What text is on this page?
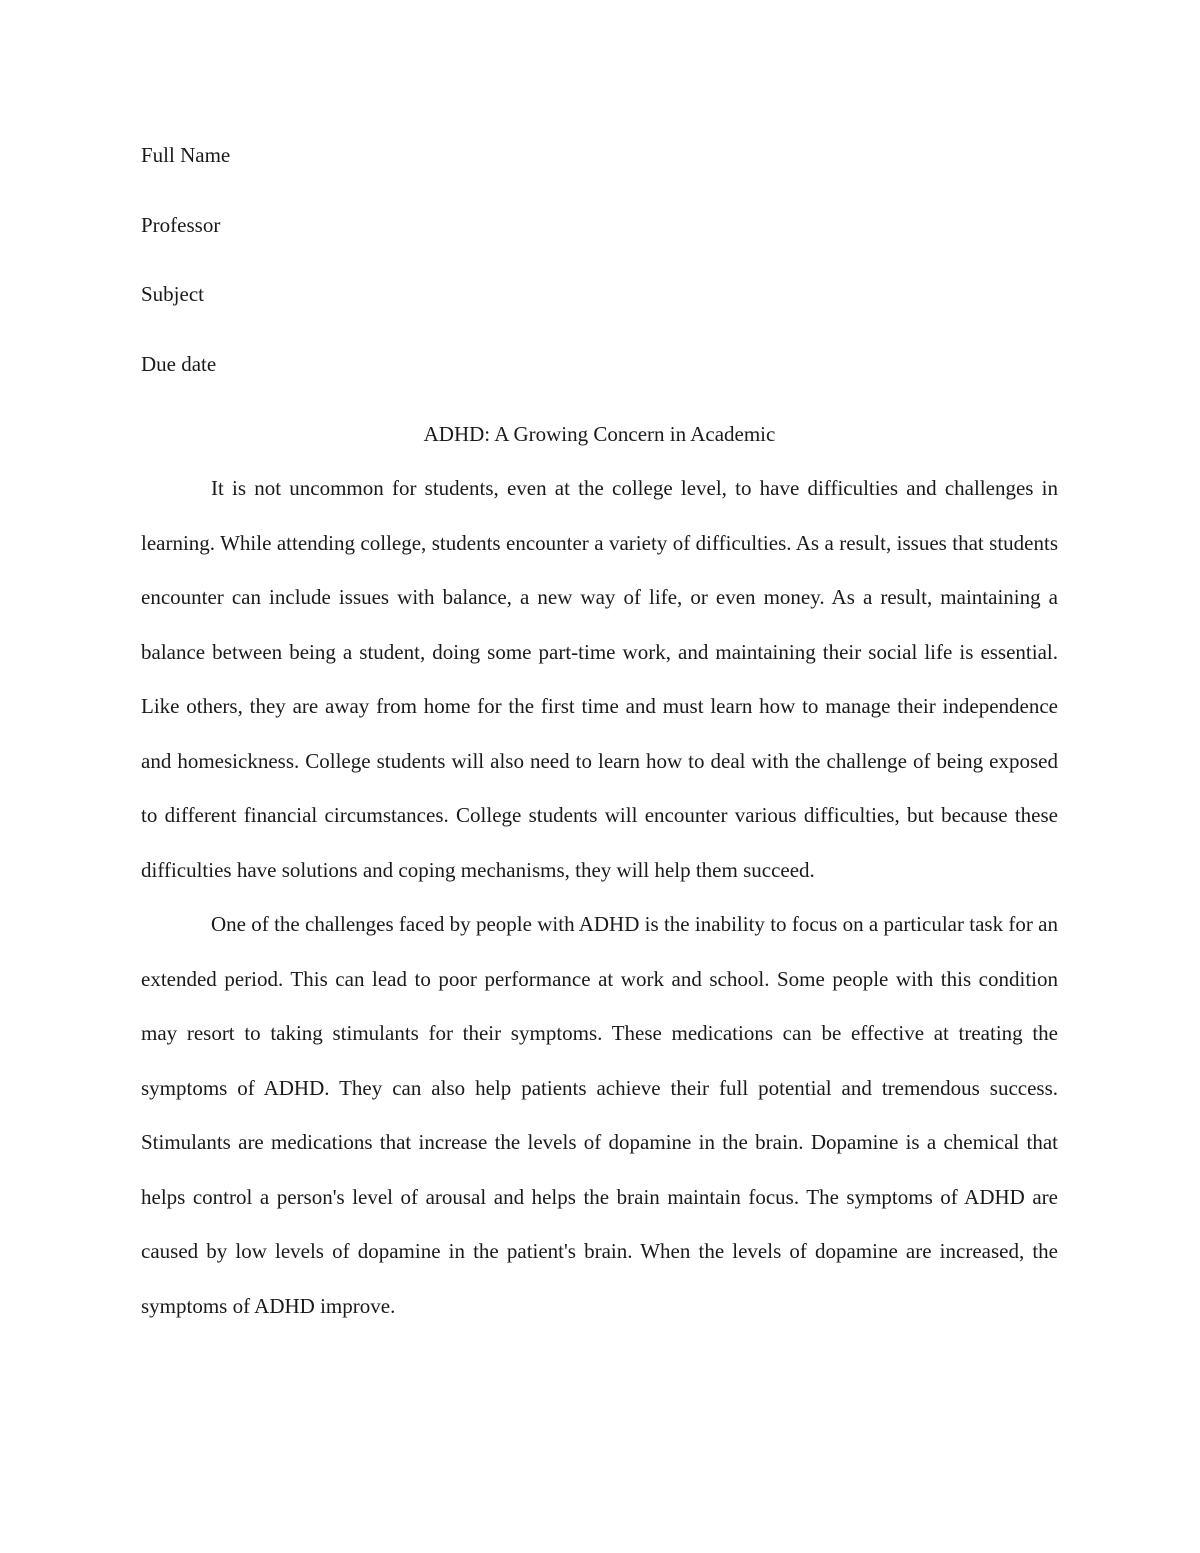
Full Name

Professor

Subject

Due date

ADHD: A Growing Concern in Academic

It is not uncommon for students, even at the college level, to have difficulties and challenges in learning. While attending college, students encounter a variety of difficulties. As a result, issues that students encounter can include issues with balance, a new way of life, or even money. As a result, maintaining a balance between being a student, doing some part-time work, and maintaining their social life is essential. Like others, they are away from home for the first time and must learn how to manage their independence and homesickness. College students will also need to learn how to deal with the challenge of being exposed to different financial circumstances. College students will encounter various difficulties, but because these difficulties have solutions and coping mechanisms, they will help them succeed.

One of the challenges faced by people with ADHD is the inability to focus on a particular task for an extended period. This can lead to poor performance at work and school. Some people with this condition may resort to taking stimulants for their symptoms. These medications can be effective at treating the symptoms of ADHD. They can also help patients achieve their full potential and tremendous success. Stimulants are medications that increase the levels of dopamine in the brain. Dopamine is a chemical that helps control a person's level of arousal and helps the brain maintain focus. The symptoms of ADHD are caused by low levels of dopamine in the patient's brain. When the levels of dopamine are increased, the symptoms of ADHD improve.
